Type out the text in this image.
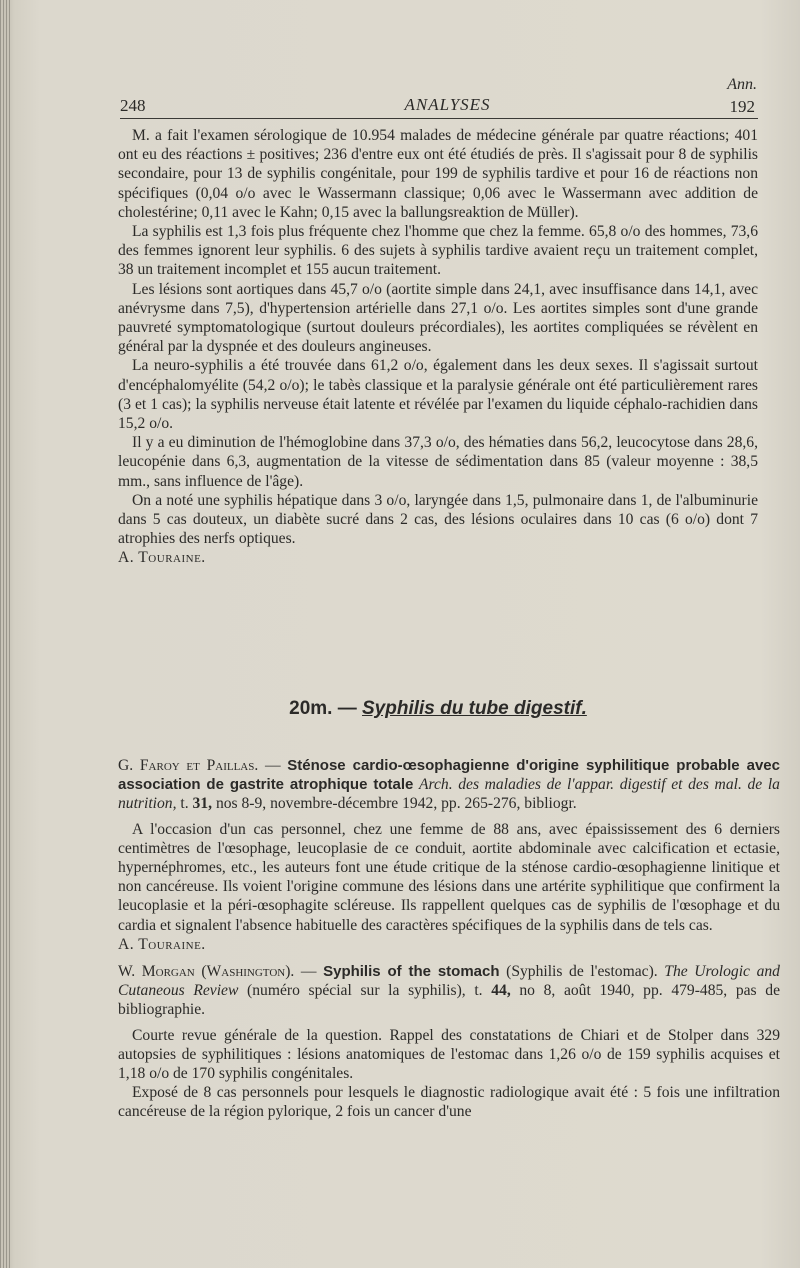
Ann.
248	ANALYSES	192

M. a fait l'examen sérologique de 10.954 malades de médecine générale par quatre réactions; 401 ont eu des réactions ± positives; 236 d'entre eux ont été étudiés de près. Il s'agissait pour 8 de syphilis secondaire, pour 13 de syphilis congénitale, pour 199 de syphilis tardive et pour 16 de réactions non spécifiques (0,04 o/o avec le Wassermann classique; 0,06 avec le Wassermann avec addition de cholestérine; 0,11 avec le Kahn; 0,15 avec la ballungsreaktion de Müller).

La syphilis est 1,3 fois plus fréquente chez l'homme que chez la femme. 65,8 o/o des hommes, 73,6 des femmes ignorent leur syphilis. 6 des sujets à syphilis tardive avaient reçu un traitement complet, 38 un traitement incomplet et 155 aucun traitement.

Les lésions sont aortiques dans 45,7 o/o (aortite simple dans 24,1, avec insuffisance dans 14,1, avec anévrysme dans 7,5), d'hypertension artérielle dans 27,1 o/o. Les aortites simples sont d'une grande pauvreté symptomatologique (surtout douleurs précordiales), les aortites compliquées se révèlent en général par la dyspnée et des douleurs angineuses.

La neuro-syphilis a été trouvée dans 61,2 o/o, également dans les deux sexes. Il s'agissait surtout d'encéphalomyélite (54,2 o/o); le tabès classique et la paralysie générale ont été particulièrement rares (3 et 1 cas); la syphilis nerveuse était latente et révélée par l'examen du liquide céphalo-rachidien dans 15,2 o/o.

Il y a eu diminution de l'hémoglobine dans 37,3 o/o, des hématies dans 56,2, leucocytose dans 28,6, leucopénie dans 6,3, augmentation de la vitesse de sédimentation dans 85 (valeur moyenne : 38,5 mm., sans influence de l'âge).

On a noté une syphilis hépatique dans 3 o/o, laryngée dans 1,5, pulmonaire dans 1, de l'albuminurie dans 5 cas douteux, un diabète sucré dans 2 cas, des lésions oculaires dans 10 cas (6 o/o) dont 7 atrophies des nerfs optiques.

A. Touraine.

20m. — Syphilis du tube digestif.

G. Faroy et Paillas. — Sténose cardio-œsophagienne d'origine syphilitique probable avec association de gastrite atrophique totale Arch. des maladies de l'appar. digestif et des mal. de la nutrition, t. 31, nos 8-9, novembre-décembre 1942, pp. 265-276, bibliogr.

A l'occasion d'un cas personnel, chez une femme de 88 ans, avec épaississement des 6 derniers centimètres de l'œsophage, leucoplasie de ce conduit, aortite abdominale avec calcification et ectasie, hypernéphromes, etc., les auteurs font une étude critique de la sténose cardio-œsophagienne linitique et non cancéreuse. Ils voient l'origine commune des lésions dans une artérite syphilitique que confirment la leucoplasie et la péri-œsophagite scléreuse. Ils rappellent quelques cas de syphilis de l'œsophage et du cardia et signalent l'absence habituelle des caractères spécifiques de la syphilis dans de tels cas.

A. Touraine.

W. Morgan (Washington). — Syphilis of the stomach (Syphilis de l'estomac). The Urologic and Cutaneous Review (numéro spécial sur la syphilis), t. 44, no 8, août 1940, pp. 479-485, pas de bibliographie.

Courte revue générale de la question. Rappel des constatations de Chiari et de Stolper dans 329 autopsies de syphilitiques : lésions anatomiques de l'estomac dans 1,26 o/o de 159 syphilis acquises et 1,18 o/o de 170 syphilis congénitales.

Exposé de 8 cas personnels pour lesquels le diagnostic radiologique avait été : 5 fois une infiltration cancéreuse de la région pylorique, 2 fois un cancer d'une
